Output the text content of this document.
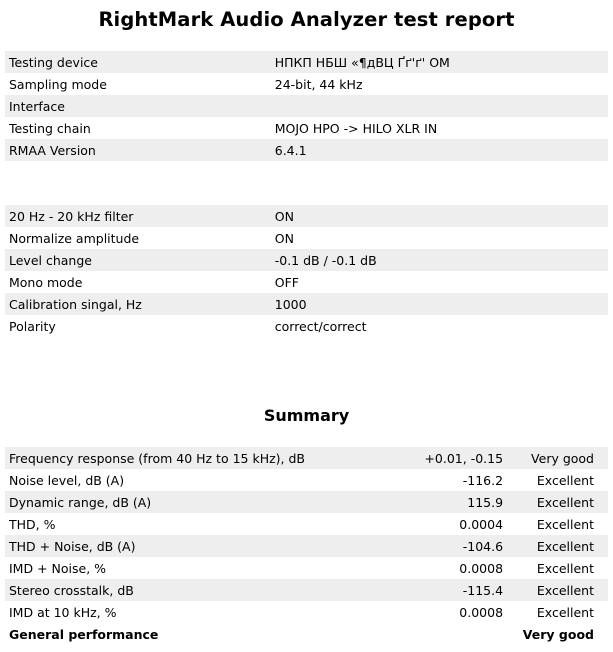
RightMark Audio Analyzer test report
Testing device	НПКП НБШ «¶дВЦ Ґґ'ґ' ОМ
Sampling mode	24-bit, 44 kHz
Interface	
Testing chain	MOJO HPO -> HILO XLR IN
RMAA Version	6.4.1
20 Hz - 20 kHz filter	ON
Normalize amplitude	ON
Level change	-0.1 dB / -0.1 dB
Mono mode	OFF
Calibration singal, Hz	1000
Polarity	correct/correct
Summary
Frequency response (from 40 Hz to 15 kHz), dB	+0.01, -0.15	Very good
Noise level, dB (A)	-116.2	Excellent
Dynamic range, dB (A)	115.9	Excellent
THD, %	0.0004	Excellent
THD + Noise, dB (A)	-104.6	Excellent
IMD + Noise, %	0.0008	Excellent
Stereo crosstalk, dB	-115.4	Excellent
IMD at 10 kHz, %	0.0008	Excellent
General performance		Very good
